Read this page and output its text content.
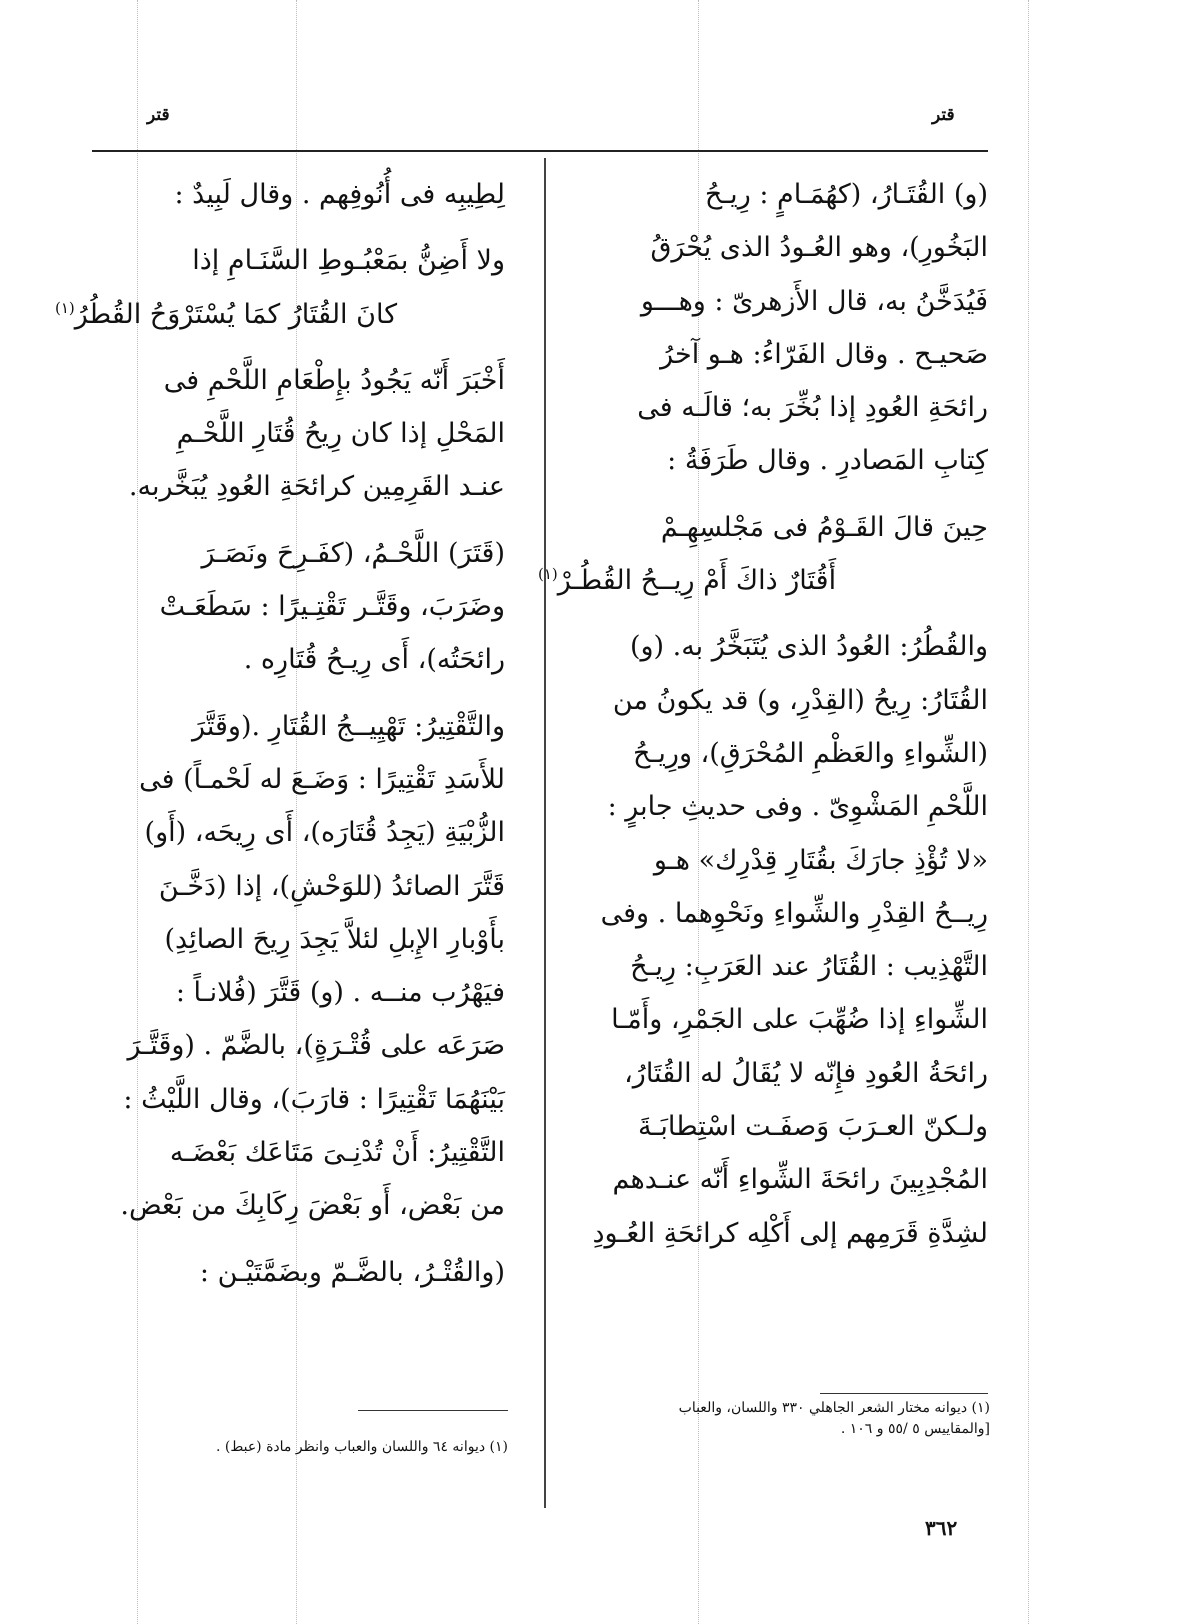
قتر
قتر

(و) القُتَـارُ، (كهُمَـامٍ : رِيـحُ

البَخُورِ)، وهو العُـودُ الذى يُحْرَقُ

فَيُدَخَّنُ به، قال الأَزهرىّ : وهـــو

صَحيـح . وقال الفَرّاءُ: هـو آخرُ

رائحَةِ العُودِ إذا بُخِّرَ به؛ قالَـه فى

كِتابِ المَصادرِ . وقال طَرَفَةُ :

حِينَ قالَ القَـوْمُ فى مَجْلسِهِـمْ

أَقُتَارٌ ذاكَ أَمْ رِيــحُ القُطُـرْ$^{(١)}$

والقُطُرُ: العُودُ الذى يُتَبَخَّرُ به. (و)

القُتَارُ: رِيحُ (القِدْرِ، و) قد يكونُ من

(الشِّواءِ والعَظْمِ المُحْرَقِ)، ورِيـحُ

اللَّحْمِ المَشْوِىّ . وفى حديثِ جابرٍ :

«لا تُؤْذِ جارَكَ بقُتَارِ قِدْرِك» هـو

رِيــحُ القِدْرِ والشِّواءِ ونَحْوِهما . وفى

التَّهْذِيب : القُتَارُ عند العَرَبِ: رِيـحُ

الشِّواءِ إذا ضُهِّبَ على الجَمْرِ، وأَمّـا

رائحَةُ العُودِ فإِنّه لا يُقَالُ له القُتَارُ،

ولـكنّ العـرَبَ وَصفَـت اسْتِطابَـةَ

المُجْدِبِينَ رائحَةَ الشِّواءِ أَنّه عنـدهم

لشِدَّةِ قَرَمِهم إلى أَكْلِه كرائحَةِ العُـودِ

لِطِيبِه فى أُنُوفِهم . وقال لَبِيدٌ :

ولا أَضِنُّ بمَعْبُـوطِ السَّنَـامِ إذا

كانَ القُتَارُ كمَا يُسْتَرْوَحُ القُطُرُ$^{(١)}$

أَخْبَرَ أَنّه يَجُودُ بإِطْعَامِ اللَّحْمِ فى

المَحْلِ إذا كان رِيحُ قُتَارِ اللَّحْـمِ

عنـد القَرِمِين كرائحَةِ العُودِ يُبَخَّربه.

(قَتَرَ) اللَّحْـمُ، (كفَـرِحَ ونَصَـرَ

وضَرَبَ، وقَتَّـر تَقْتِـيرًا : سَطَعَـتْ

رائحَتُه)، أَى رِيـحُ قُتَارِه .

والتَّقْتِيرُ: تَهْيِيــجُ القُتَارِ .(وقَتَّرَ

للأَسَدِ تَقْتِيرًا : وَضَـعَ له لَحْمـاً) فى

الزُّبْيَةِ (يَجِدُ قُتَارَه)، أَى رِيحَه، (أَو)

قَتَّرَ الصائدُ (للوَحْشِ)، إذا (دَخَّـنَ

بأَوْبارِ الإِبلِ لئلاَّ يَجِدَ رِيحَ الصائِدِ)

فيَهْرُب منــه . (و) قَتَّرَ (فُلانـاً :

صَرَعَه على قُتْـرَةٍ)، بالضَّمّ . (وقَتَّـرَ

بَيْنَهُمَا تَقْتِيرًا : قارَبَ)، وقال اللَّيْثُ :

التَّقْتِيرُ: أَنْ تُدْنِـىَ مَتَاعَك بَعْضَـه

من بَعْض، أَو بَعْضَ رِكَابِكَ من بَعْض.

(والقُتْـرُ، بالضَّـمّ وبضَمَّتَيْـن :

(١) ديوانه مختار الشعر الجاهلي ٣٣٠ واللسان، والعباب
[والمقاييس ٥ /٥٥ و ١٠٦ .
(١) ديوانه ٦٤ واللسان والعباب وانظر مادة (عبط) .
٣٦٢
